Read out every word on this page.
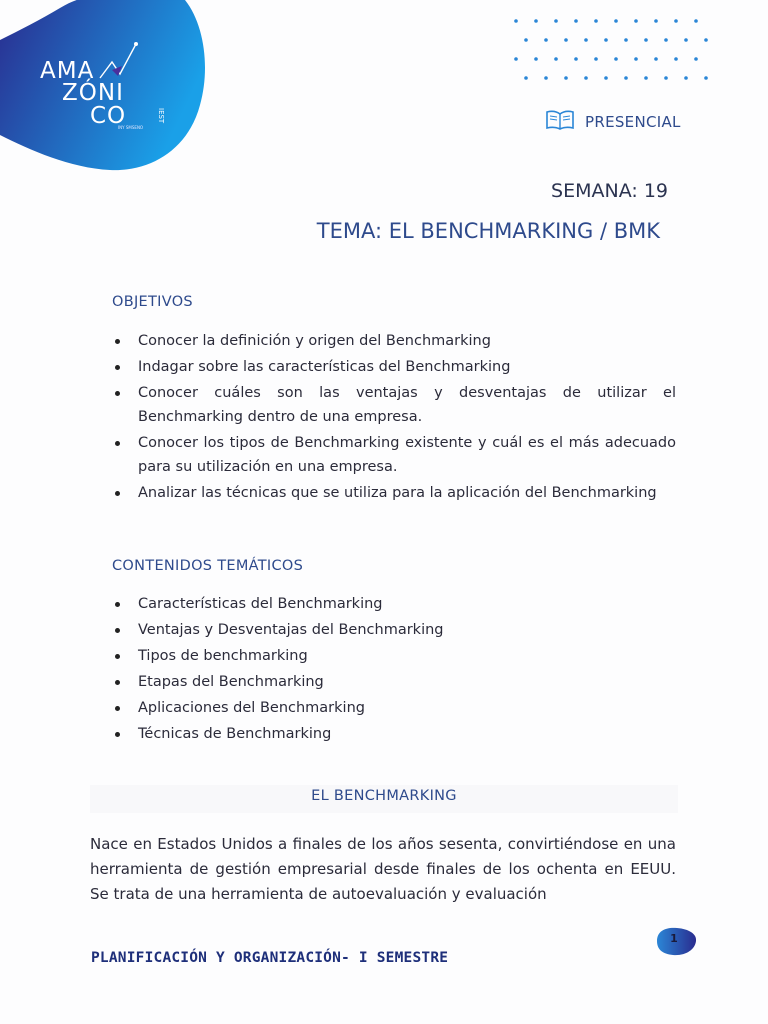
AMA
ZÓNI
CO	IEST
INY SMSENO	PRESENCIAL
SEMANA: 19
TEMA: EL BENCHMARKING / BMK
OBJETIVOS
Conocer la definición y origen del Benchmarking
Indagar sobre las características del Benchmarking
Conocer cuáles son las ventajas y desventajas de utilizar el Benchmarking dentro de una empresa.
Conocer los tipos de Benchmarking existente y cuál es el más adecuado para su utilización en una empresa.
Analizar las técnicas que se utiliza para la aplicación del Benchmarking
CONTENIDOS TEMÁTICOS
Características del Benchmarking
Ventajas y Desventajas del Benchmarking
Tipos de benchmarking
Etapas del Benchmarking
Aplicaciones del Benchmarking
Técnicas de Benchmarking
EL BENCHMARKING
Nace en Estados Unidos a finales de los años sesenta, convirtiéndose en una herramienta de gestión empresarial desde finales de los ochenta en EEUU. Se trata de una herramienta de autoevaluación y evaluación
PLANIFICACIÓN Y ORGANIZACIÓN- I SEMESTRE
1
